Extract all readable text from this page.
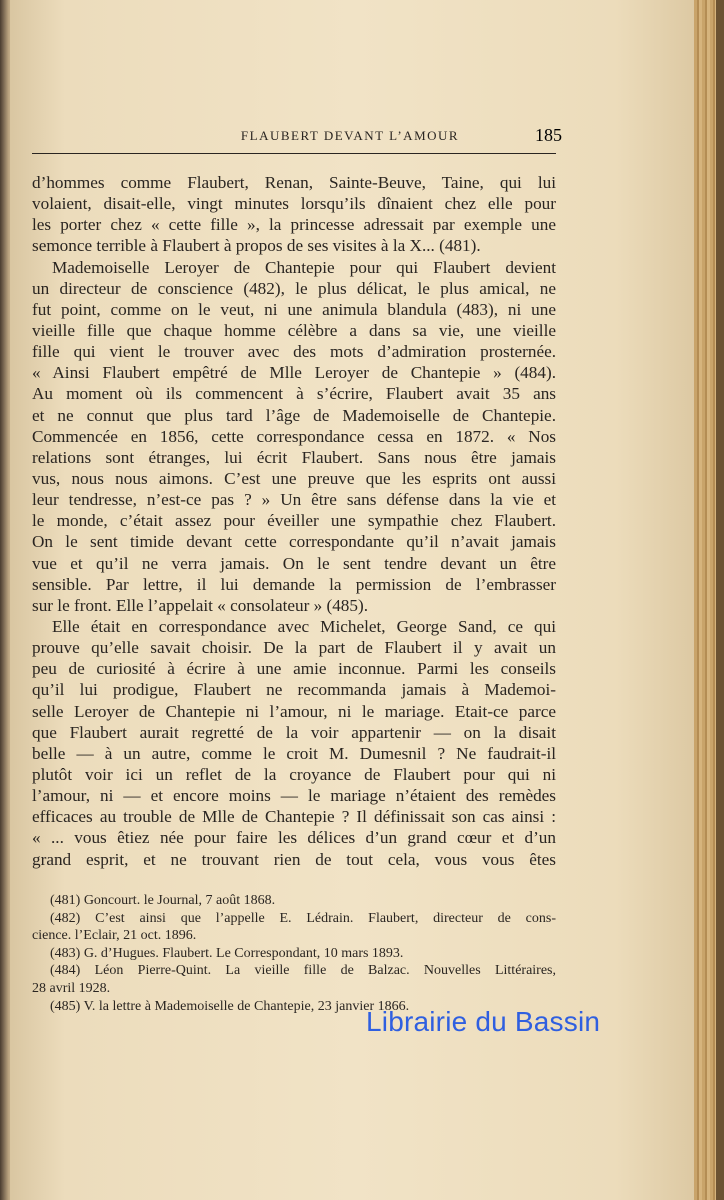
FLAUBERT DEVANT L’AMOUR	185
d’hommes comme Flaubert, Renan, Sainte-Beuve, Taine, qui lui
volaient, disait-elle, vingt minutes lorsqu’ils dînaient chez elle pour
les porter chez « cette fille », la princesse adressait par exemple une
semonce terrible à Flaubert à propos de ses visites à la X... (481).
Mademoiselle Leroyer de Chantepie pour qui Flaubert devient
un directeur de conscience (482), le plus délicat, le plus amical, ne
fut point, comme on le veut, ni une animula blandula (483), ni une
vieille fille que chaque homme célèbre a dans sa vie, une vieille
fille qui vient le trouver avec des mots d’admiration prosternée.
« Ainsi Flaubert empêtré de Mlle Leroyer de Chantepie » (484).
Au moment où ils commencent à s’écrire, Flaubert avait 35 ans
et ne connut que plus tard l’âge de Mademoiselle de Chantepie.
Commencée en 1856, cette correspondance cessa en 1872. « Nos
relations sont étranges, lui écrit Flaubert. Sans nous être jamais
vus, nous nous aimons. C’est une preuve que les esprits ont aussi
leur tendresse, n’est-ce pas ? » Un être sans défense dans la vie et
le monde, c’était assez pour éveiller une sympathie chez Flaubert.
On le sent timide devant cette correspondante qu’il n’avait jamais
vue et qu’il ne verra jamais. On le sent tendre devant un être
sensible. Par lettre, il lui demande la permission de l’embrasser
sur le front. Elle l’appelait « consolateur » (485).
Elle était en correspondance avec Michelet, George Sand, ce qui
prouve qu’elle savait choisir. De la part de Flaubert il y avait un
peu de curiosité à écrire à une amie inconnue. Parmi les conseils
qu’il lui prodigue, Flaubert ne recommanda jamais à Mademoi-
selle Leroyer de Chantepie ni l’amour, ni le mariage. Etait-ce parce
que Flaubert aurait regretté de la voir appartenir — on la disait
belle — à un autre, comme le croit M. Dumesnil ? Ne faudrait-il
plutôt voir ici un reflet de la croyance de Flaubert pour qui ni
l’amour, ni — et encore moins — le mariage n’étaient des remèdes
efficaces au trouble de Mlle de Chantepie ? Il définissait son cas ainsi :
« ... vous êtiez née pour faire les délices d’un grand cœur et d’un
grand esprit, et ne trouvant rien de tout cela, vous vous êtes
(481) Goncourt. le Journal, 7 août 1868.
(482) C’est ainsi que l’appelle E. Lédrain. Flaubert, directeur de cons-
cience. l’Eclair, 21 oct. 1896.
(483) G. d’Hugues. Flaubert. Le Correspondant, 10 mars 1893.
(484) Léon Pierre-Quint. La vieille fille de Balzac. Nouvelles Littéraires,
28 avril 1928.
(485) V. la lettre à Mademoiselle de Chantepie, 23 janvier 1866.
Librairie du Bassin
